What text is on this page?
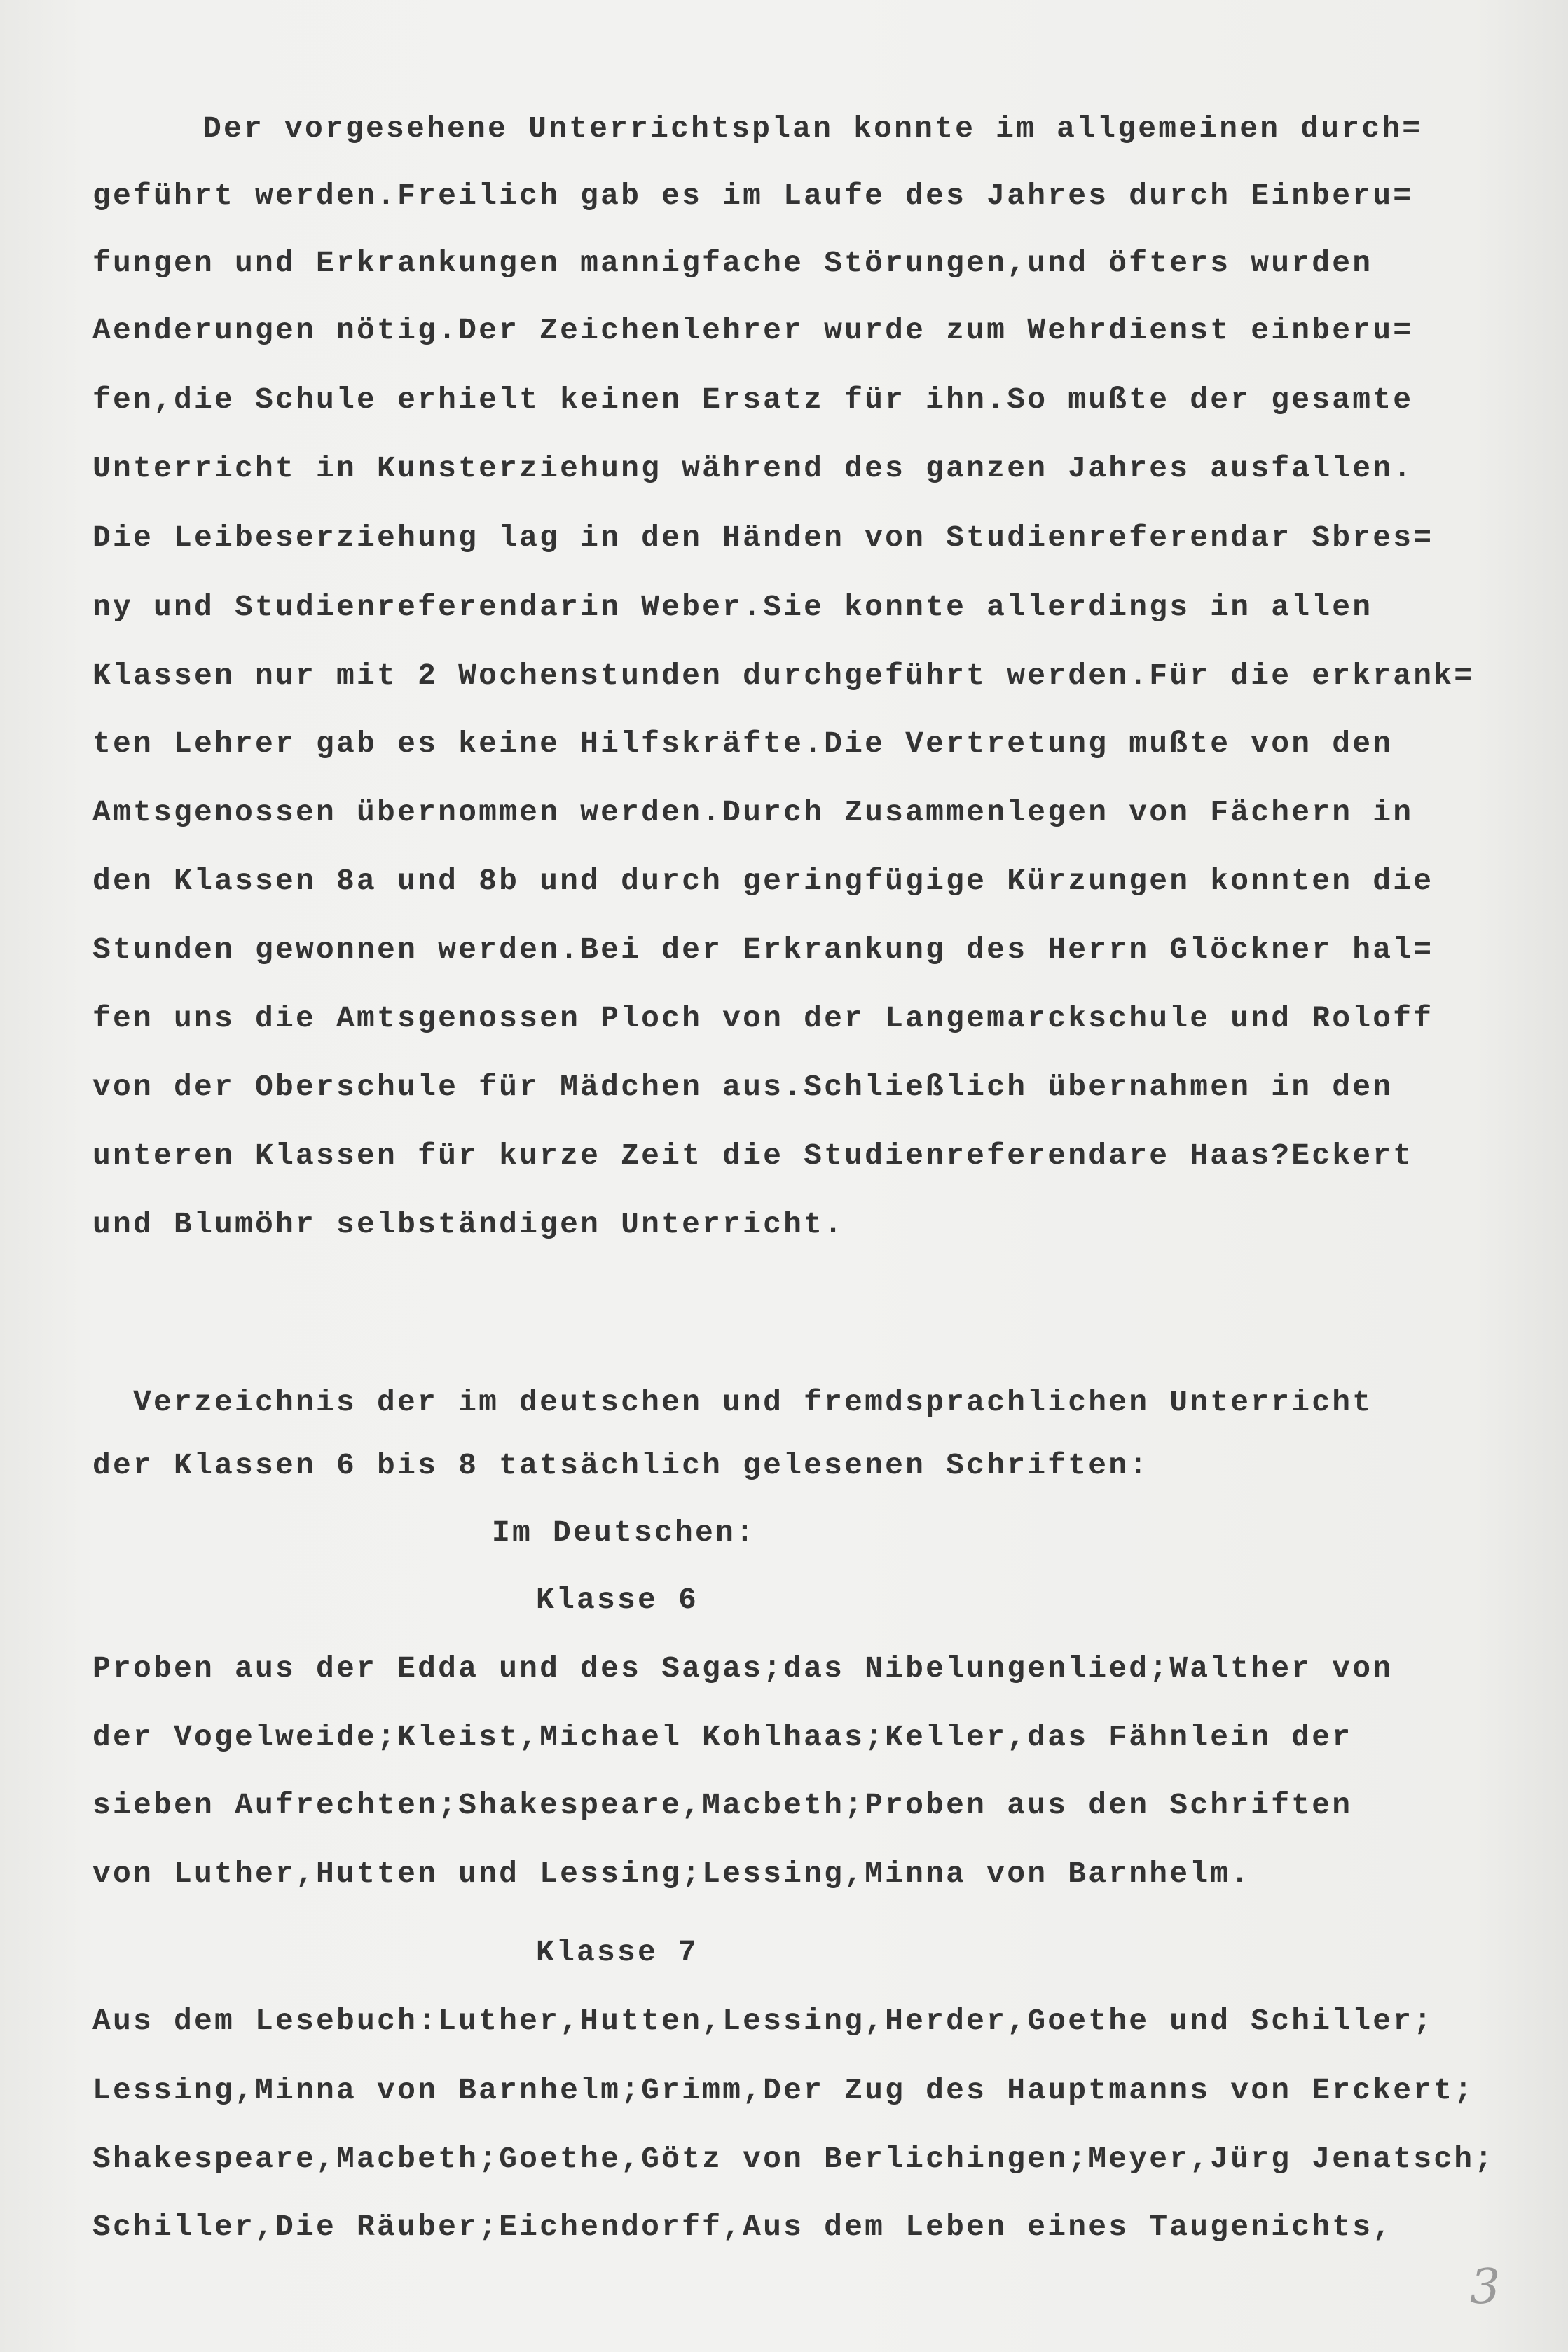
Der vorgesehene Unterrichtsplan konnte im allgemeinen durch=
geführt werden.Freilich gab es im Laufe des Jahres durch Einberu=
fungen und Erkrankungen mannigfache Störungen,und öfters wurden
Aenderungen nötig.Der Zeichenlehrer wurde zum Wehrdienst einberu=
fen,die Schule erhielt keinen Ersatz für ihn.So mußte der gesamte
Unterricht in Kunsterziehung während des ganzen Jahres ausfallen.
Die Leibeserziehung lag in den Händen von Studienreferendar Sbres=
ny und Studienreferendarin Weber.Sie konnte allerdings in allen
Klassen nur mit 2 Wochenstunden durchgeführt werden.Für die erkrank=
ten Lehrer gab es keine Hilfskräfte.Die Vertretung mußte von den
Amtsgenossen übernommen werden.Durch Zusammenlegen von Fächern in
den Klassen 8a und 8b und durch geringfügige Kürzungen konnten die
Stunden gewonnen werden.Bei der Erkrankung des Herrn Glöckner hal=
fen uns die Amtsgenossen Ploch von der Langemarckschule und Roloff
von der Oberschule für Mädchen aus.Schließlich übernahmen in den
unteren Klassen für kurze Zeit die Studienreferendare Haas?Eckert
und Blumöhr selbständigen Unterricht.
Verzeichnis der im deutschen und fremdsprachlichen Unterricht
der Klassen 6 bis 8 tatsächlich gelesenen Schriften:
Im Deutschen:
Klasse 6
Proben aus der Edda und des Sagas;das Nibelungenlied;Walther von
der Vogelweide;Kleist,Michael Kohlhaas;Keller,das Fähnlein der
sieben Aufrechten;Shakespeare,Macbeth;Proben aus den Schriften
von Luther,Hutten und Lessing;Lessing,Minna von Barnhelm.
Klasse 7
Aus dem Lesebuch:Luther,Hutten,Lessing,Herder,Goethe und Schiller;
Lessing,Minna von Barnhelm;Grimm,Der Zug des Hauptmanns von Erckert;
Shakespeare,Macbeth;Goethe,Götz von Berlichingen;Meyer,Jürg Jenatsch;
Schiller,Die Räuber;Eichendorff,Aus dem Leben eines Taugenichts,
3
